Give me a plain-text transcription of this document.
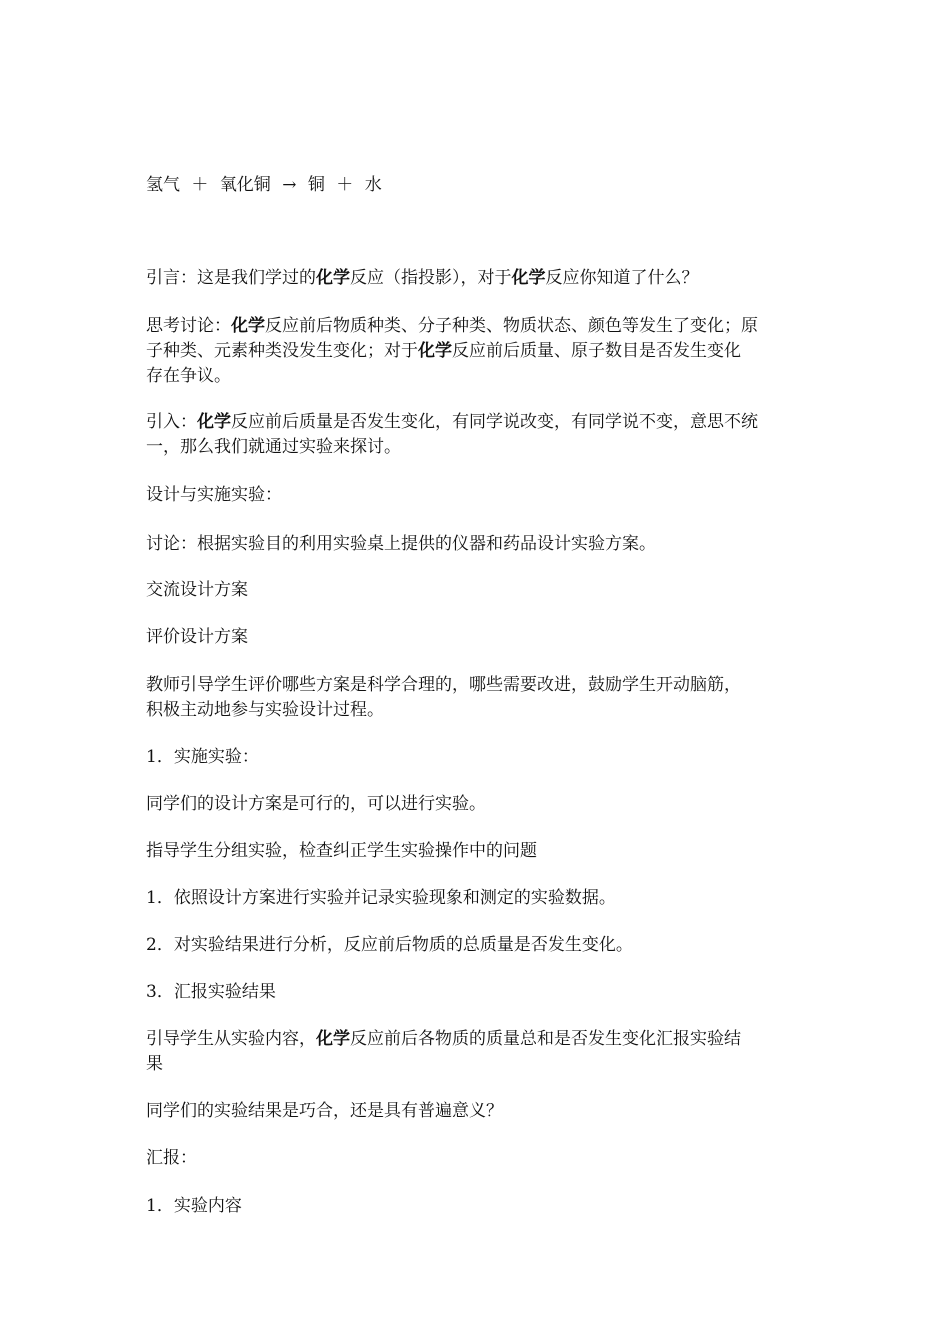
氢气 ＋ 氧化铜 → 铜 ＋ 水
引言：这是我们学过的化学反应（指投影），对于化学反应你知道了什么？
思考讨论：化学反应前后物质种类、分子种类、物质状态、颜色等发生了变化；原
子种类、元素种类没发生变化；对于化学反应前后质量、原子数目是否发生变化
存在争议。
引入：化学反应前后质量是否发生变化，有同学说改变，有同学说不变，意思不统
一，那么我们就通过实验来探讨。
设计与实施实验：
讨论：根据实验目的利用实验桌上提供的仪器和药品设计实验方案。
交流设计方案
评价设计方案
教师引导学生评价哪些方案是科学合理的，哪些需要改进，鼓励学生开动脑筋，
积极主动地参与实验设计过程。
1．实施实验：
同学们的设计方案是可行的，可以进行实验。
指导学生分组实验，检查纠正学生实验操作中的问题
1．依照设计方案进行实验并记录实验现象和测定的实验数据。
2．对实验结果进行分析，反应前后物质的总质量是否发生变化。
3．汇报实验结果
引导学生从实验内容，化学反应前后各物质的质量总和是否发生变化汇报实验结
果
同学们的实验结果是巧合，还是具有普遍意义？
汇报：
1．实验内容
